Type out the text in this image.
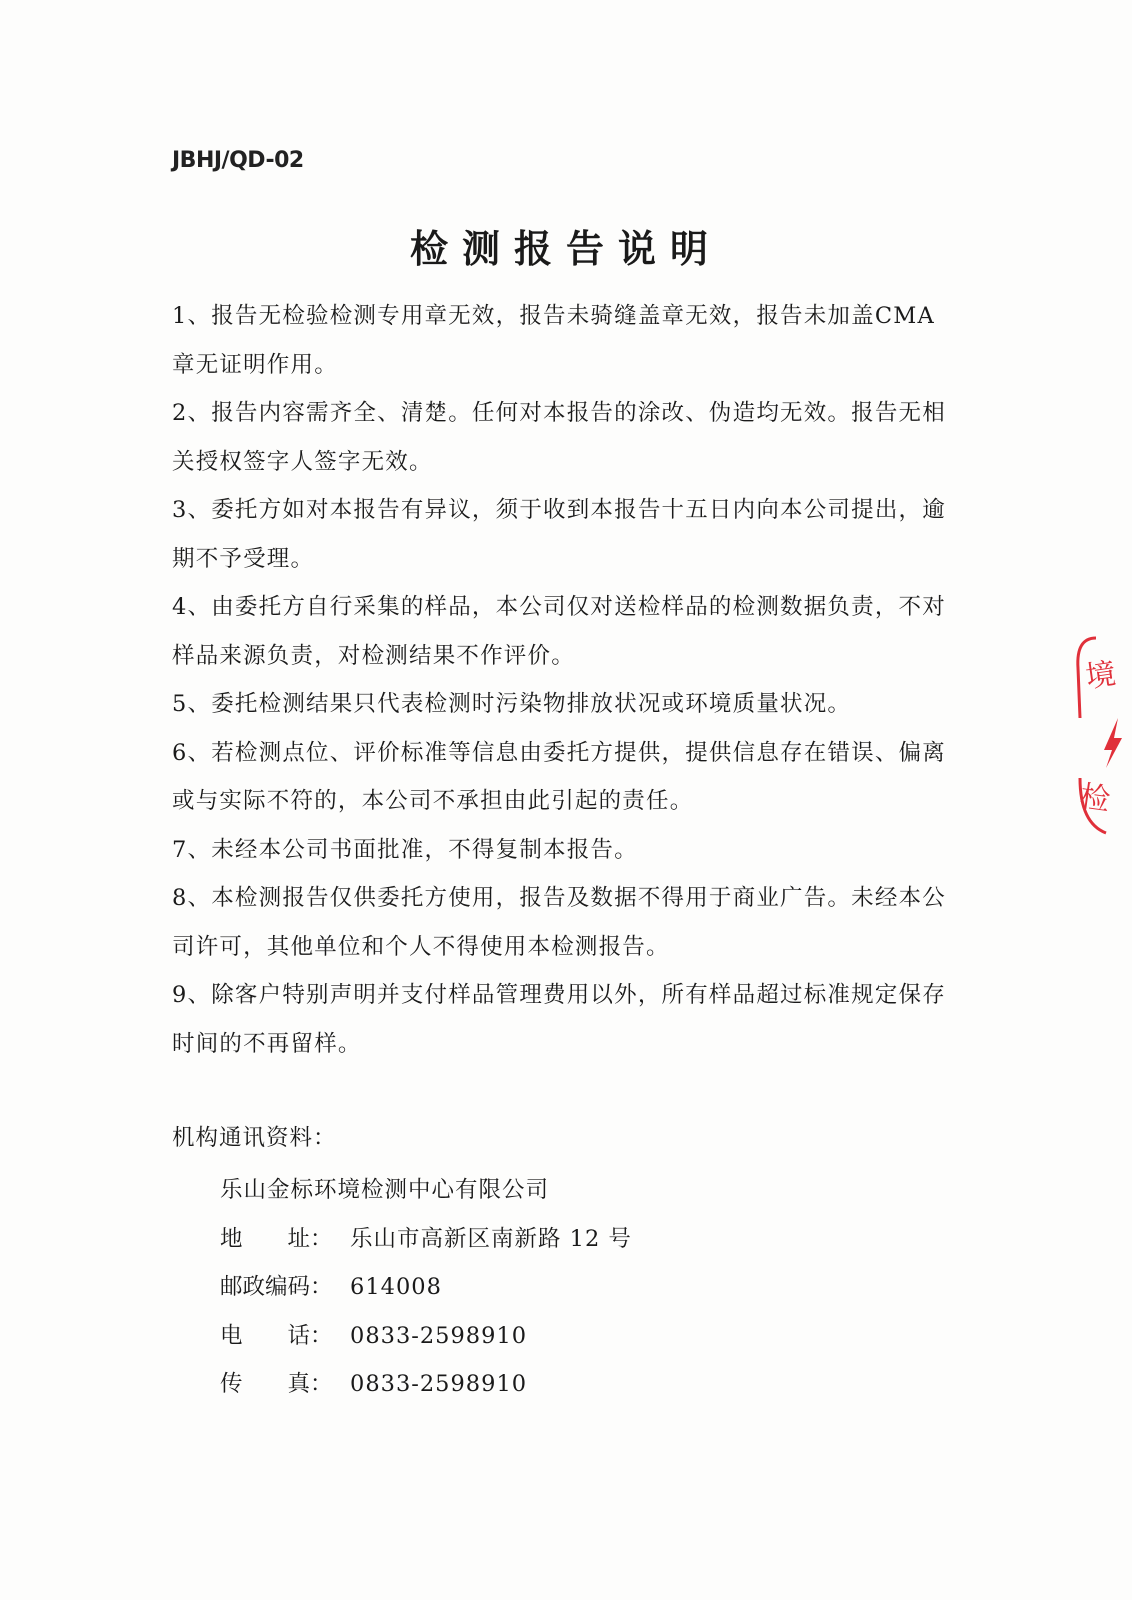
JBHJ/QD-02
检测报告说明
1、报告无检验检测专用章无效，报告未骑缝盖章无效，报告未加盖CMA 章无证明作用。
2、报告内容需齐全、清楚。任何对本报告的涂改、伪造均无效。报告无相关授权签字人签字无效。
3、委托方如对本报告有异议，须于收到本报告十五日内向本公司提出，逾期不予受理。
4、由委托方自行采集的样品，本公司仅对送检样品的检测数据负责，不对样品来源负责，对检测结果不作评价。
5、委托检测结果只代表检测时污染物排放状况或环境质量状况。
6、若检测点位、评价标准等信息由委托方提供，提供信息存在错误、偏离或与实际不符的，本公司不承担由此引起的责任。
7、未经本公司书面批准，不得复制本报告。
8、本检测报告仅供委托方使用，报告及数据不得用于商业广告。未经本公司许可，其他单位和个人不得使用本检测报告。
9、除客户特别声明并支付样品管理费用以外，所有样品超过标准规定保存时间的不再留样。
机构通讯资料：
乐山金标环境检测中心有限公司
地　　址： 乐山市高新区南新路 12 号
邮政编码： 614008
电　　话： 0833-2598910
传　　真： 0833-2598910
境
检
